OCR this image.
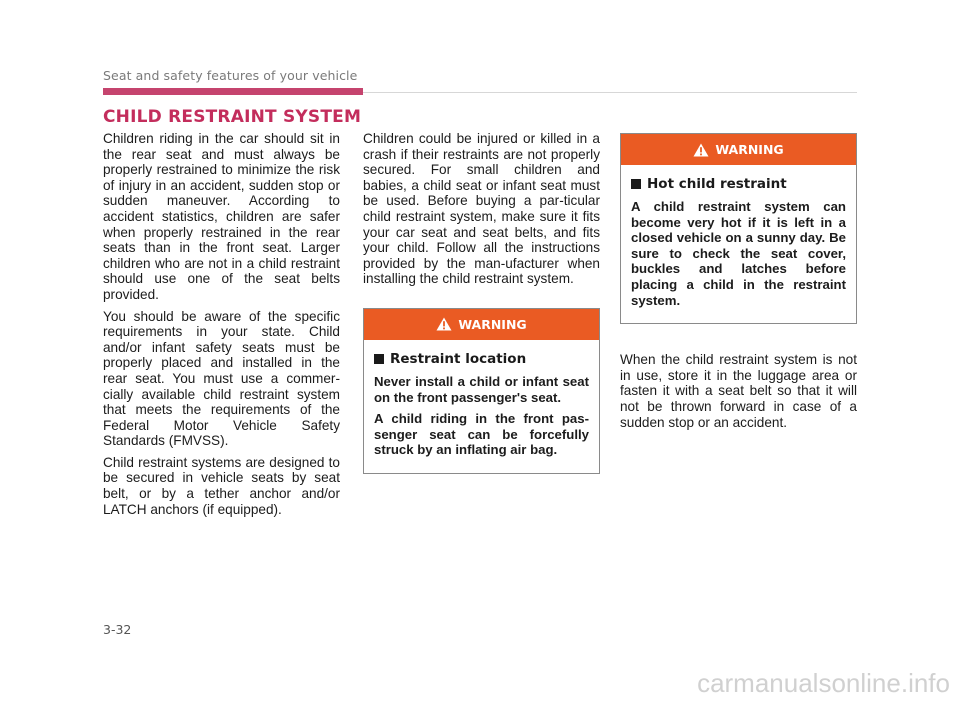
Seat and safety features of your vehicle
CHILD RESTRAINT SYSTEM

Children riding in the car should sit in the rear seat and must always be properly restrained to minimize the risk of injury in an accident, sudden stop or sudden maneuver. According to accident statistics, children are safer when properly restrained in the rear seats than in the front seat. Larger children who are not in a child restraint should use one of the seat belts provided.

You should be aware of the specific requirements in your state. Child and/or infant safety seats must be properly placed and installed in the rear seat. You must use a commer-cially available child restraint system that meets the requirements of the Federal Motor Vehicle Safety Standards (FMVSS).

Child restraint systems are designed to be secured in vehicle seats by seat belt, or by a tether anchor and/or LATCH anchors (if equipped).

Children could be injured or killed in a crash if their restraints are not properly secured. For small children and babies, a child seat or infant seat must be used. Before buying a par-ticular child restraint system, make sure it fits your car seat and seat belts, and fits your child. Follow all the instructions provided by the man-ufacturer when installing the child restraint system.

WARNING
Restraint location

Never install a child or infant seat on the front passenger's seat.

A child riding in the front pas-senger seat can be forcefully struck by an inflating air bag.

WARNING
Hot child restraint

A child restraint system can become very hot if it is left in a closed vehicle on a sunny day. Be sure to check the seat cover, buckles and latches before placing a child in the restraint system.

When the child restraint system is not in use, store it in the luggage area or fasten it with a seat belt so that it will not be thrown forward in case of a sudden stop or an accident.

3-32
carmanualsonline.info
